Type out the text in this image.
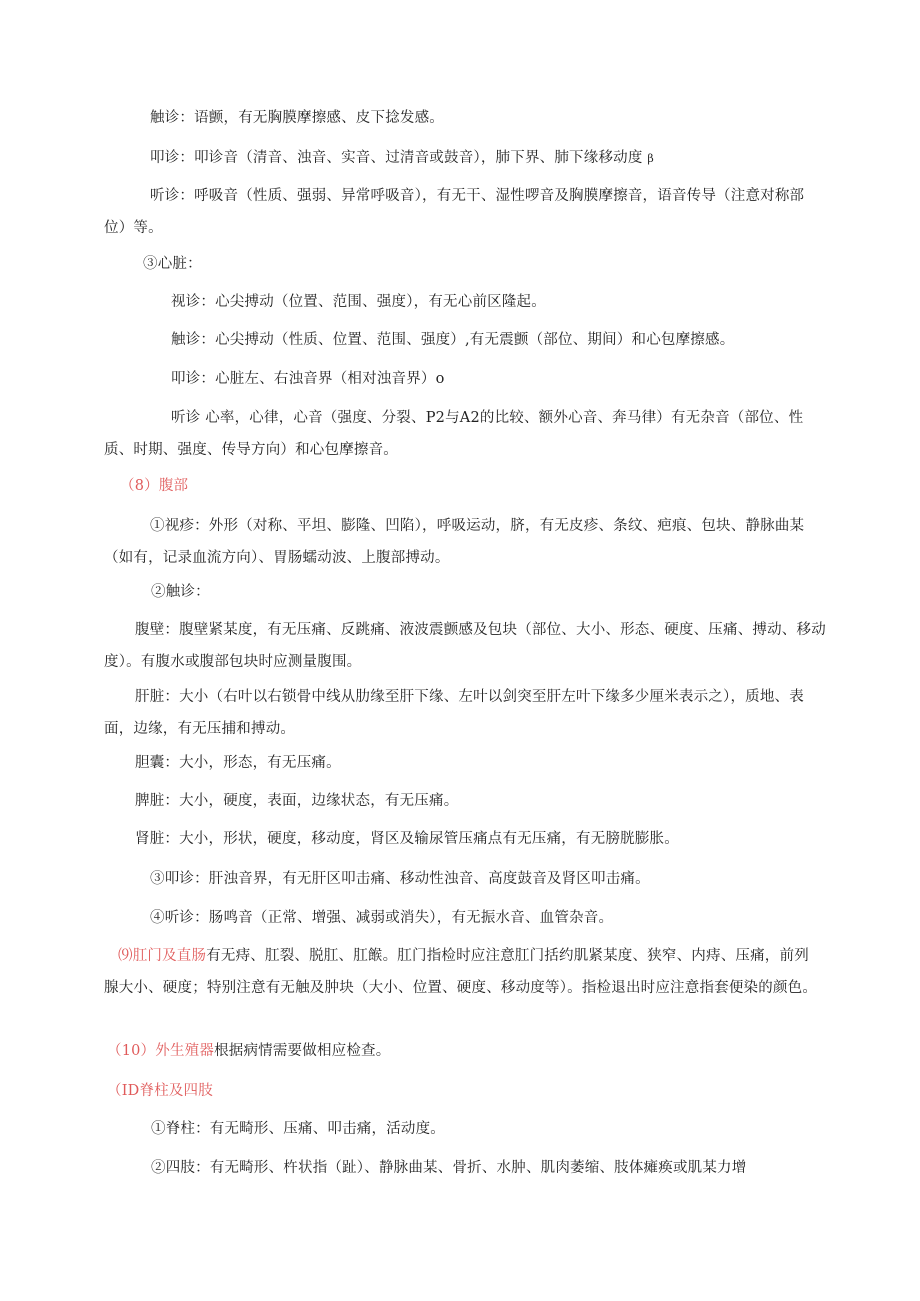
触诊：语颤，有无胸膜摩擦感、皮下捻发感。
叩诊：叩诊音（清音、浊音、实音、过清音或鼓音），肺下界、肺下缘移动度 β
听诊：呼吸音（性质、强弱、异常呼吸音），有无干、湿性啰音及胸膜摩擦音，语音传导（注意对称部位）等。
③心脏：
视诊：心尖搏动（位置、范围、强度），有无心前区隆起。
触诊：心尖搏动（性质、位置、范围、强度）,有无震颤（部位、期间）和心包摩擦感。
叩诊：心脏左、右浊音界（相对浊音界）o
听诊 心率，心律，心音（强度、分裂、P2与A2的比较、额外心音、奔马律）有无杂音（部位、性质、时期、强度、传导方向）和心包摩擦音。
（8）腹部
①视疹：外形（对称、平坦、膨隆、凹陷），呼吸运动，脐，有无皮疹、条纹、疤痕、包块、静脉曲某（如有，记录血流方向）、胃肠蠕动波、上腹部搏动。
②触诊：
腹壁：腹壁紧某度，有无压痛、反跳痛、液波震颤感及包块（部位、大小、形态、硬度、压痛、搏动、移动度）。有腹水或腹部包块时应测量腹围。
肝脏：大小（右叶以右锁骨中线从肋缘至肝下缘、左叶以剑突至肝左叶下缘多少厘米表示之），质地、表面，边缘，有无压捕和搏动。
胆囊：大小，形态，有无压痛。
脾脏：大小，硬度，表面，边缘状态，有无压痛。
肾脏：大小，形状，硬度，移动度，肾区及输尿管压痛点有无压痛，有无膀胱膨胀。
③叩诊：肝浊音界，有无肝区叩击痛、移动性浊音、高度鼓音及肾区叩击痛。
④听诊：肠鸣音（正常、增强、减弱或消失），有无振水音、血管杂音。
⑼肛门及直肠有无痔、肛裂、脱肛、肛餱。肛门指检时应注意肛门括约肌紧某度、狭窄、内痔、压痛，前列腺大小、硬度；特别注意有无触及肿块（大小、位置、硬度、移动度等）。指检退出时应注意指套便染的颜色。
（10）外生殖器根据病情需要做相应检查。
（ID脊柱及四肢
①脊柱：有无畸形、压痛、叩击痛，活动度。
②四肢：有无畸形、杵状指（趾）、静脉曲某、骨折、水肿、肌肉萎缩、肢体瘫痪或肌某力增
